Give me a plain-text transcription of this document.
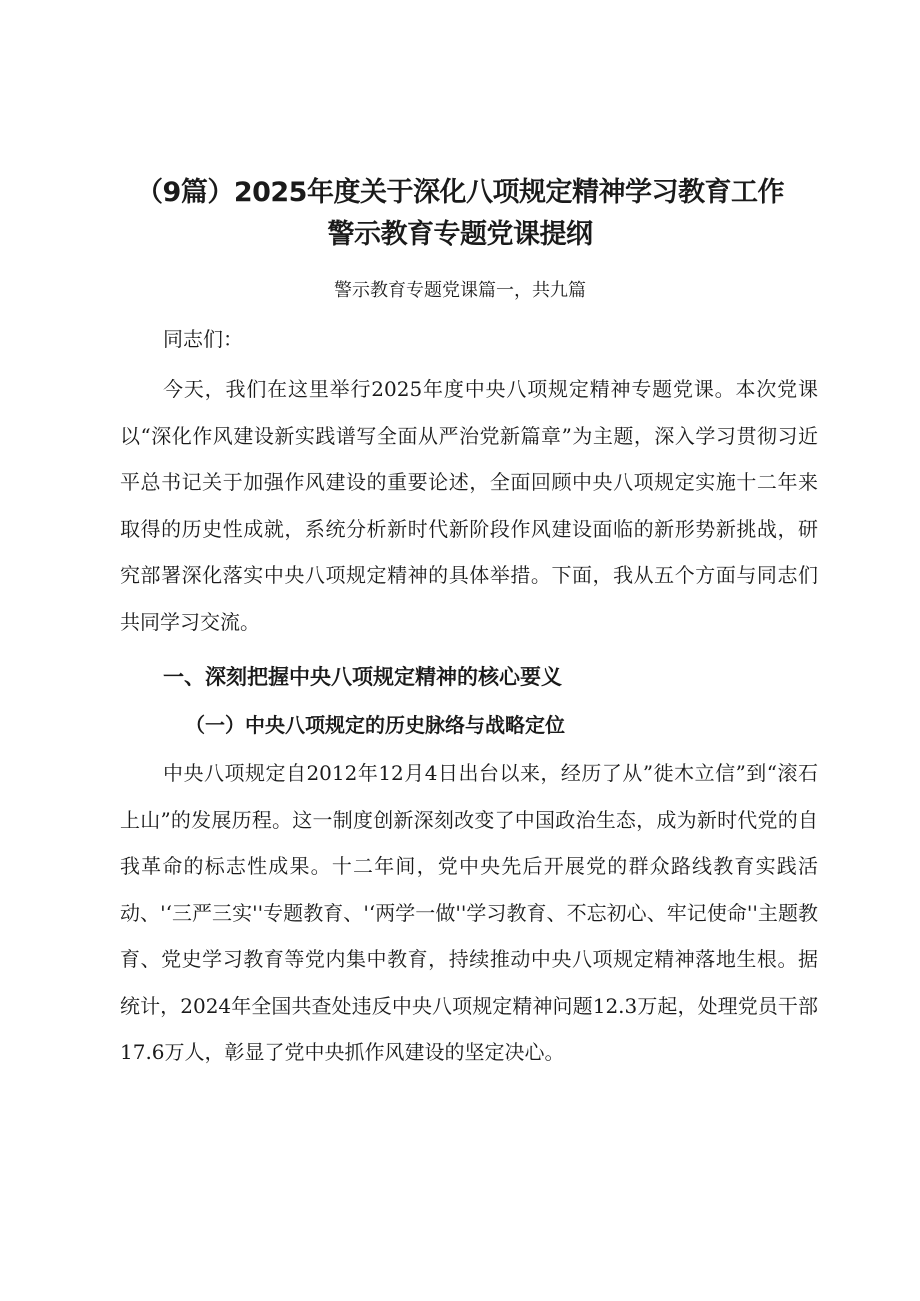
（9篇）2025年度关于深化八项规定精神学习教育工作
警示教育专题党课提纲

警示教育专题党课篇一，共九篇

同志们：

今天，我们在这里举行2025年度中央八项规定精神专题党课。本次党课以“深化作风建设新实践谱写全面从严治党新篇章”为主题，深入学习贯彻习近平总书记关于加强作风建设的重要论述，全面回顾中央八项规定实施十二年来取得的历史性成就，系统分析新时代新阶段作风建设面临的新形势新挑战，研究部署深化落实中央八项规定精神的具体举措。下面，我从五个方面与同志们共同学习交流。

一、深刻把握中央八项规定精神的核心要义
（一）中央八项规定的历史脉络与战略定位

中央八项规定自2012年12月4日出台以来，经历了从”徙木立信”到“滚石上山”的发展历程。这一制度创新深刻改变了中国政治生态，成为新时代党的自我革命的标志性成果。十二年间，党中央先后开展党的群众路线教育实践活动、'‘三严三实''专题教育、'‘两学一做''学习教育、不忘初心、牢记使命''主题教育、党史学习教育等党内集中教育，持续推动中央八项规定精神落地生根。据统计，2024年全国共查处违反中央八项规定精神问题12.3万起，处理党员干部17.6万人，彰显了党中央抓作风建设的坚定决心。
